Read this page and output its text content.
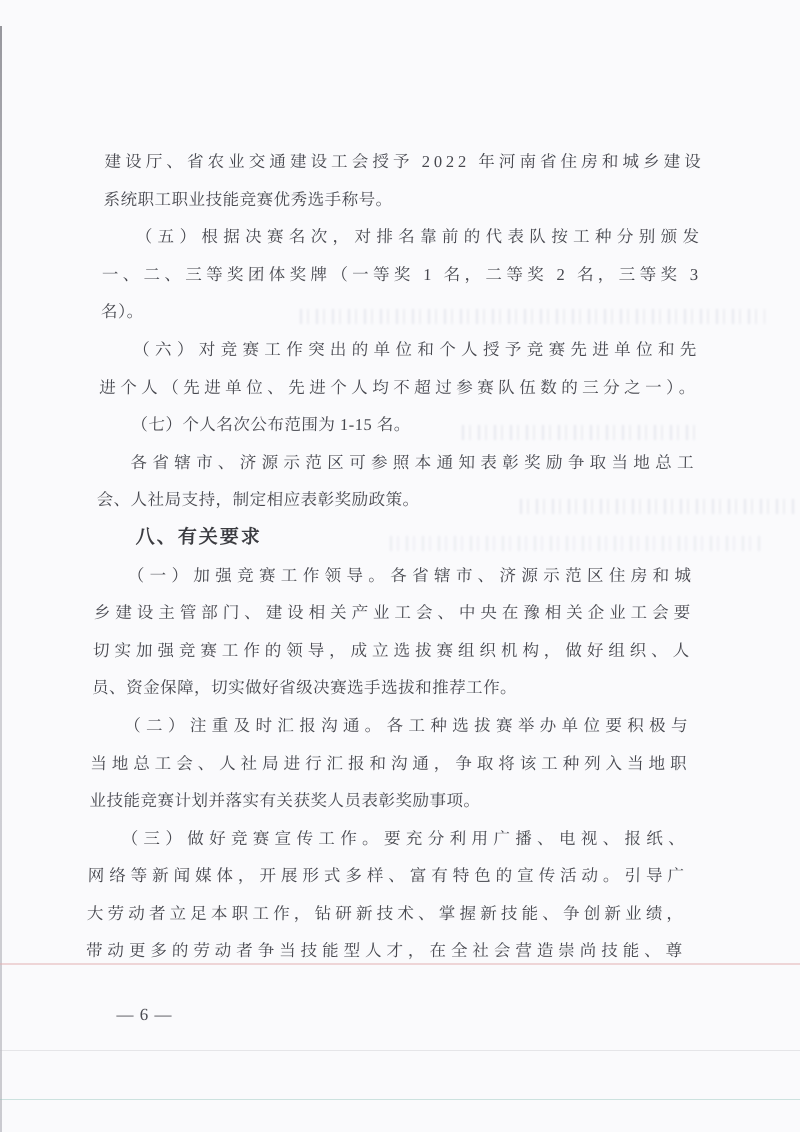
建设厅、省农业交通建设工会授予 2022 年河南省住房和城乡建设

系统职工职业技能竞赛优秀选手称号。

（五）根据决赛名次，对排名靠前的代表队按工种分别颁发

一、二、三等奖团体奖牌（一等奖 1 名，二等奖 2 名，三等奖 3

名）。

（六）对竞赛工作突出的单位和个人授予竞赛先进单位和先

进个人（先进单位、先进个人均不超过参赛队伍数的三分之一）。

（七）个人名次公布范围为 1-15 名。

各省辖市、济源示范区可参照本通知表彰奖励争取当地总工

会、人社局支持，制定相应表彰奖励政策。

八、有关要求

（一）加强竞赛工作领导。各省辖市、济源示范区住房和城

乡建设主管部门、建设相关产业工会、中央在豫相关企业工会要

切实加强竞赛工作的领导，成立选拔赛组织机构，做好组织、人

员、资金保障，切实做好省级决赛选手选拔和推荐工作。

（二）注重及时汇报沟通。各工种选拔赛举办单位要积极与

当地总工会、人社局进行汇报和沟通，争取将该工种列入当地职

业技能竞赛计划并落实有关获奖人员表彰奖励事项。

（三）做好竞赛宣传工作。要充分利用广播、电视、报纸、

网络等新闻媒体，开展形式多样、富有特色的宣传活动。引导广

大劳动者立足本职工作，钻研新技术、掌握新技能、争创新业绩，

带动更多的劳动者争当技能型人才，在全社会营造崇尚技能、尊

— 6 —
